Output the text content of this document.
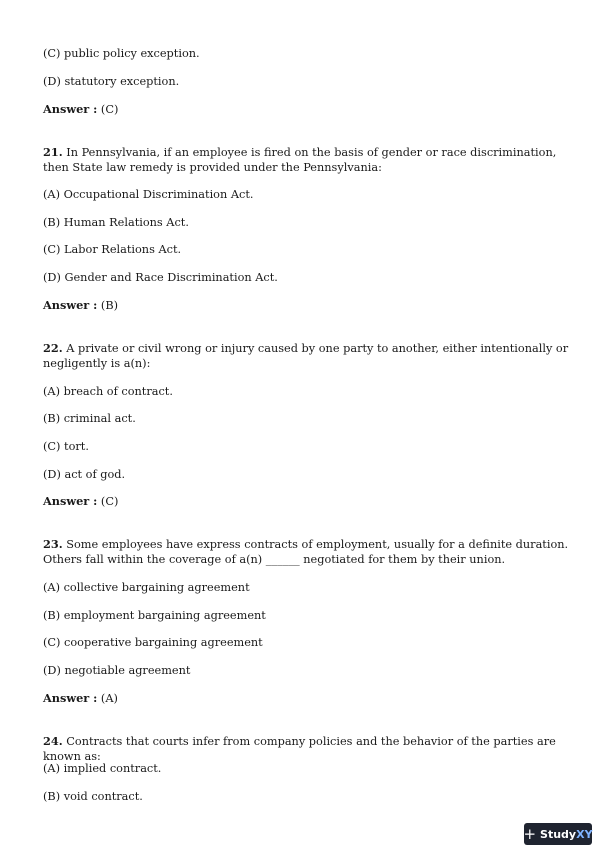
(C) public policy exception.
(D) statutory exception.
Answer : (C)
21. In Pennsylvania, if an employee is fired on the basis of gender or race discrimination, then State law remedy is provided under the Pennsylvania:
(A) Occupational Discrimination Act.
(B) Human Relations Act.
(C) Labor Relations Act.
(D) Gender and Race Discrimination Act.
Answer : (B)
22. A private or civil wrong or injury caused by one party to another, either intentionally or negligently is a(n):
(A) breach of contract.
(B) criminal act.
(C) tort.
(D) act of god.
Answer : (C)
23. Some employees have express contracts of employment, usually for a definite duration. Others fall within the coverage of a(n) ______ negotiated for them by their union.
(A) collective bargaining agreement
(B) employment bargaining agreement
(C) cooperative bargaining agreement
(D) negotiable agreement
Answer : (A)
24. Contracts that courts infer from company policies and the behavior of the parties are known as:
(A) implied contract.
(B) void contract.
+ StudyXY
